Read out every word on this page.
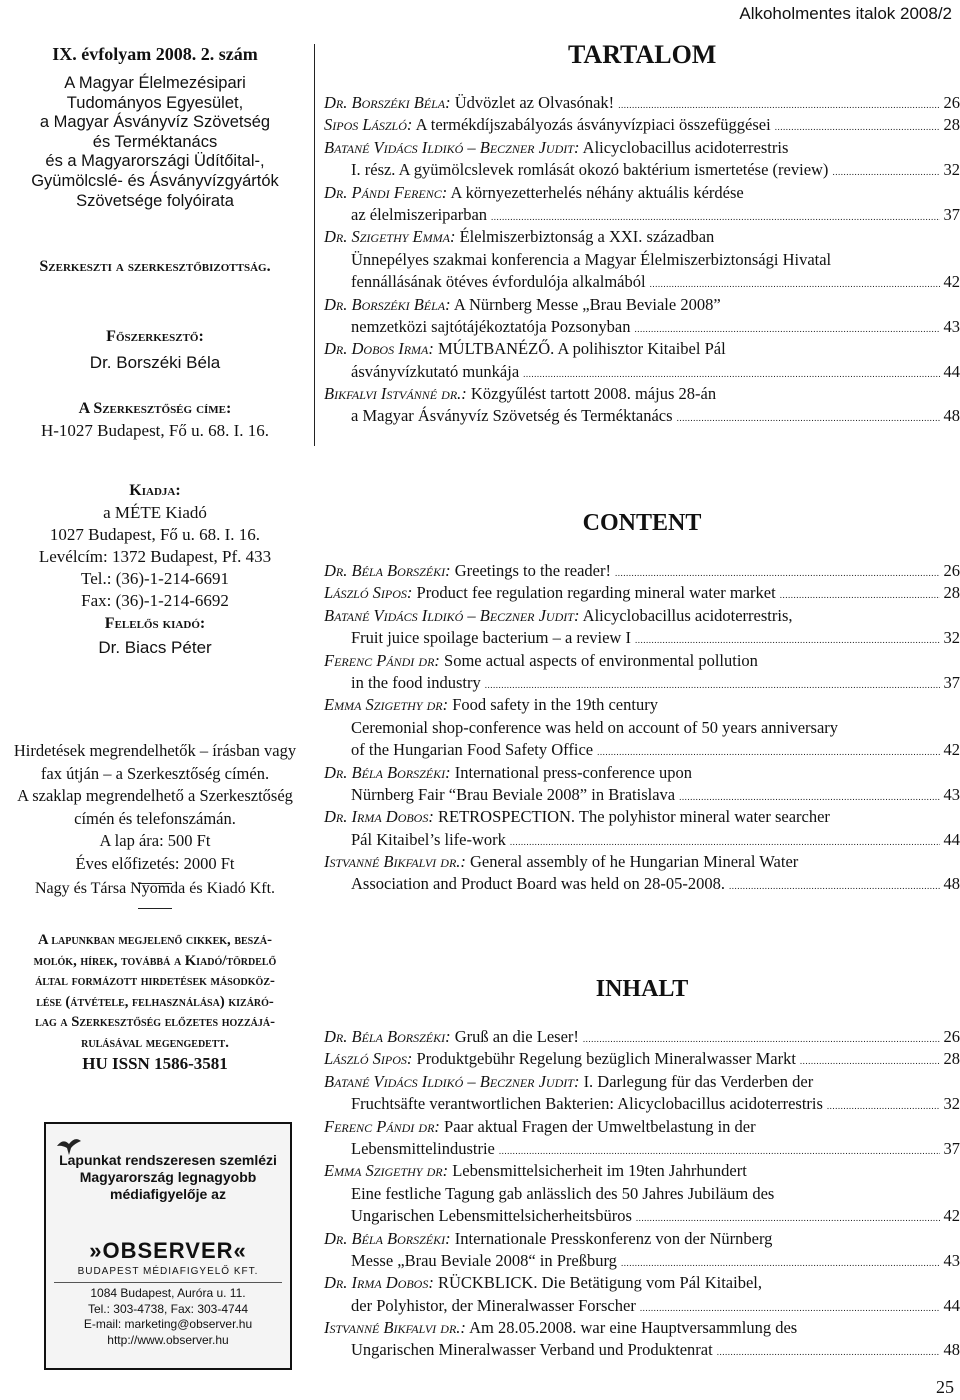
Alkoholmentes italok 2008/2
IX. évfolyam 2008. 2. szám
A Magyar Élelmezésipari
Tudományos Egyesület,
a Magyar Ásványvíz Szövetség
és Terméktanács
és a Magyarországi Üdítőital-,
Gyümölcslé- és Ásványvízgyártók
Szövetsége folyóirata
Szerkeszti a szerkesztőbizottság.
Főszerkesztő:
Dr. Borszéki Béla
A Szerkesztőség címe:
H-1027 Budapest, Fő u. 68. I. 16.
Kiadja:
a MÉTE Kiadó
1027 Budapest, Fő u. 68. I. 16.
Levélcím: 1372 Budapest, Pf. 433
Tel.: (36)-1-214-6691
Fax: (36)-1-214-6692
Felelős kiadó:
Dr. Biacs Péter
Hirdetések megrendelhetők – írásban vagy
fax útján – a Szerkesztőség címén.
A szaklap megrendelhető a Szerkesztőség
címén és telefonszámán.
A lap ára: 500 Ft
Éves előfizetés: 2000 Ft
Nagy és Társa Nyomda és Kiadó Kft.
A lapunkban megjelenő cikkek, beszá-
molók, hírek, továbbá a Kiadó/tördelő
által formázott hirdetések másodköz-
lése (átvétele, felhasználása) kizáró-
lag a Szerkesztőség előzetes hozzájá-
rulásával megengedett.
HU ISSN 1586-3581
Lapunkat rendszeresen szemlézi
Magyarország legnagyobb
médiafigyelője az
»OBSERVER«
BUDAPEST MÉDIAFIGYELŐ KFT.
1084 Budapest, Auróra u. 11.
Tel.: 303-4738, Fax: 303-4744
E-mail: marketing@observer.hu
http://www.observer.hu
TARTALOM
Dr. Borszéki Béla: Üdvözlet az Olvasónak! .....	26
Sipos László: A termékdíjszabályozás ásványvízpiaci összefüggései .....	28
Batané Vidács Ildikó – Beczner Judit: Alicyclobacillus acidoterrestris
I. rész. A gyümölcslevek romlását okozó baktérium ismertetése (review) .....	32
Dr. Pándi Ferenc: A környezetterhelés néhány aktuális kérdése
az élelmiszeriparban .....	37
Dr. Szigethy Emma: Élelmiszerbiztonság a XXI. században
Ünnepélyes szakmai konferencia a Magyar Élelmiszerbiztonsági Hivatal
fennállásának ötéves évfordulója alkalmából .....	42
Dr. Borszéki Béla: A Nürnberg Messe „Brau Beviale 2008”
nemzetközi sajtótájékoztatója Pozsonyban .....	43
Dr. Dobos Irma: MÚLTBANÉZŐ. A polihisztor Kitaibel Pál
ásványvízkutató munkája .....	44
Bikfalvi Istvánné dr.: Közgyűlést tartott 2008. május 28-án
a Magyar Ásványvíz Szövetség és Terméktanács .....	48
CONTENT
Dr. Béla Borszéki: Greetings to the reader! .....	26
László Sipos: Product fee regulation regarding mineral water market .....	28
Batané Vidács Ildikó – Beczner Judit: Alicyclobacillus acidoterrestris,
Fruit juice spoilage bacterium – a review I .....	32
Ferenc Pándi dr: Some actual aspects of environmental pollution
in the food industry .....	37
Emma Szigethy dr: Food safety in the 19th century
Ceremonial shop-conference was held on account of 50 years anniversary
of the Hungarian Food Safety Office .....	42
Dr. Béla Borszéki: International press-conference upon
Nürnberg Fair “Brau Beviale 2008” in Bratislava .....	43
Dr. Irma Dobos: RETROSPECTION. The polyhistor mineral water searcher
Pál Kitaibel’s life-work .....	44
Istvanné Bikfalvi dr.: General assembly of he Hungarian Mineral Water
Association and Product Board was held on 28-05-2008. .....	48
INHALT
Dr. Béla Borszéki: Gruß an die Leser! .....	26
László Sipos: Produktgebühr Regelung bezüglich Mineralwasser Markt .....	28
Batané Vidács Ildikó – Beczner Judit: I. Darlegung für das Verderben der
Fruchtsäfte verantwortlichen Bakterien: Alicyclobacillus acidoterrestris .....	32
Ferenc Pándi dr: Paar aktual Fragen der Umweltbelastung in der
Lebensmittelindustrie .....	37
Emma Szigethy dr: Lebensmittelsicherheit im 19ten Jahrhundert
Eine festliche Tagung gab anlässlich des 50 Jahres Jubiläum des
Ungarischen Lebensmittelsicherheitsbüros .....	42
Dr. Béla Borszéki: Internationale Presskonferenz von der Nürnberg
Messe „Brau Beviale 2008“ in Preßburg .....	43
Dr. Irma Dobos: RÜCKBLICK. Die Betätigung vom Pál Kitaibel,
der Polyhistor, der Mineralwasser Forscher .....	44
Istvanné Bikfalvi dr.: Am 28.05.2008. war eine Hauptversammlung des
Ungarischen Mineralwasser Verband und Produktenrat .....	48
25
